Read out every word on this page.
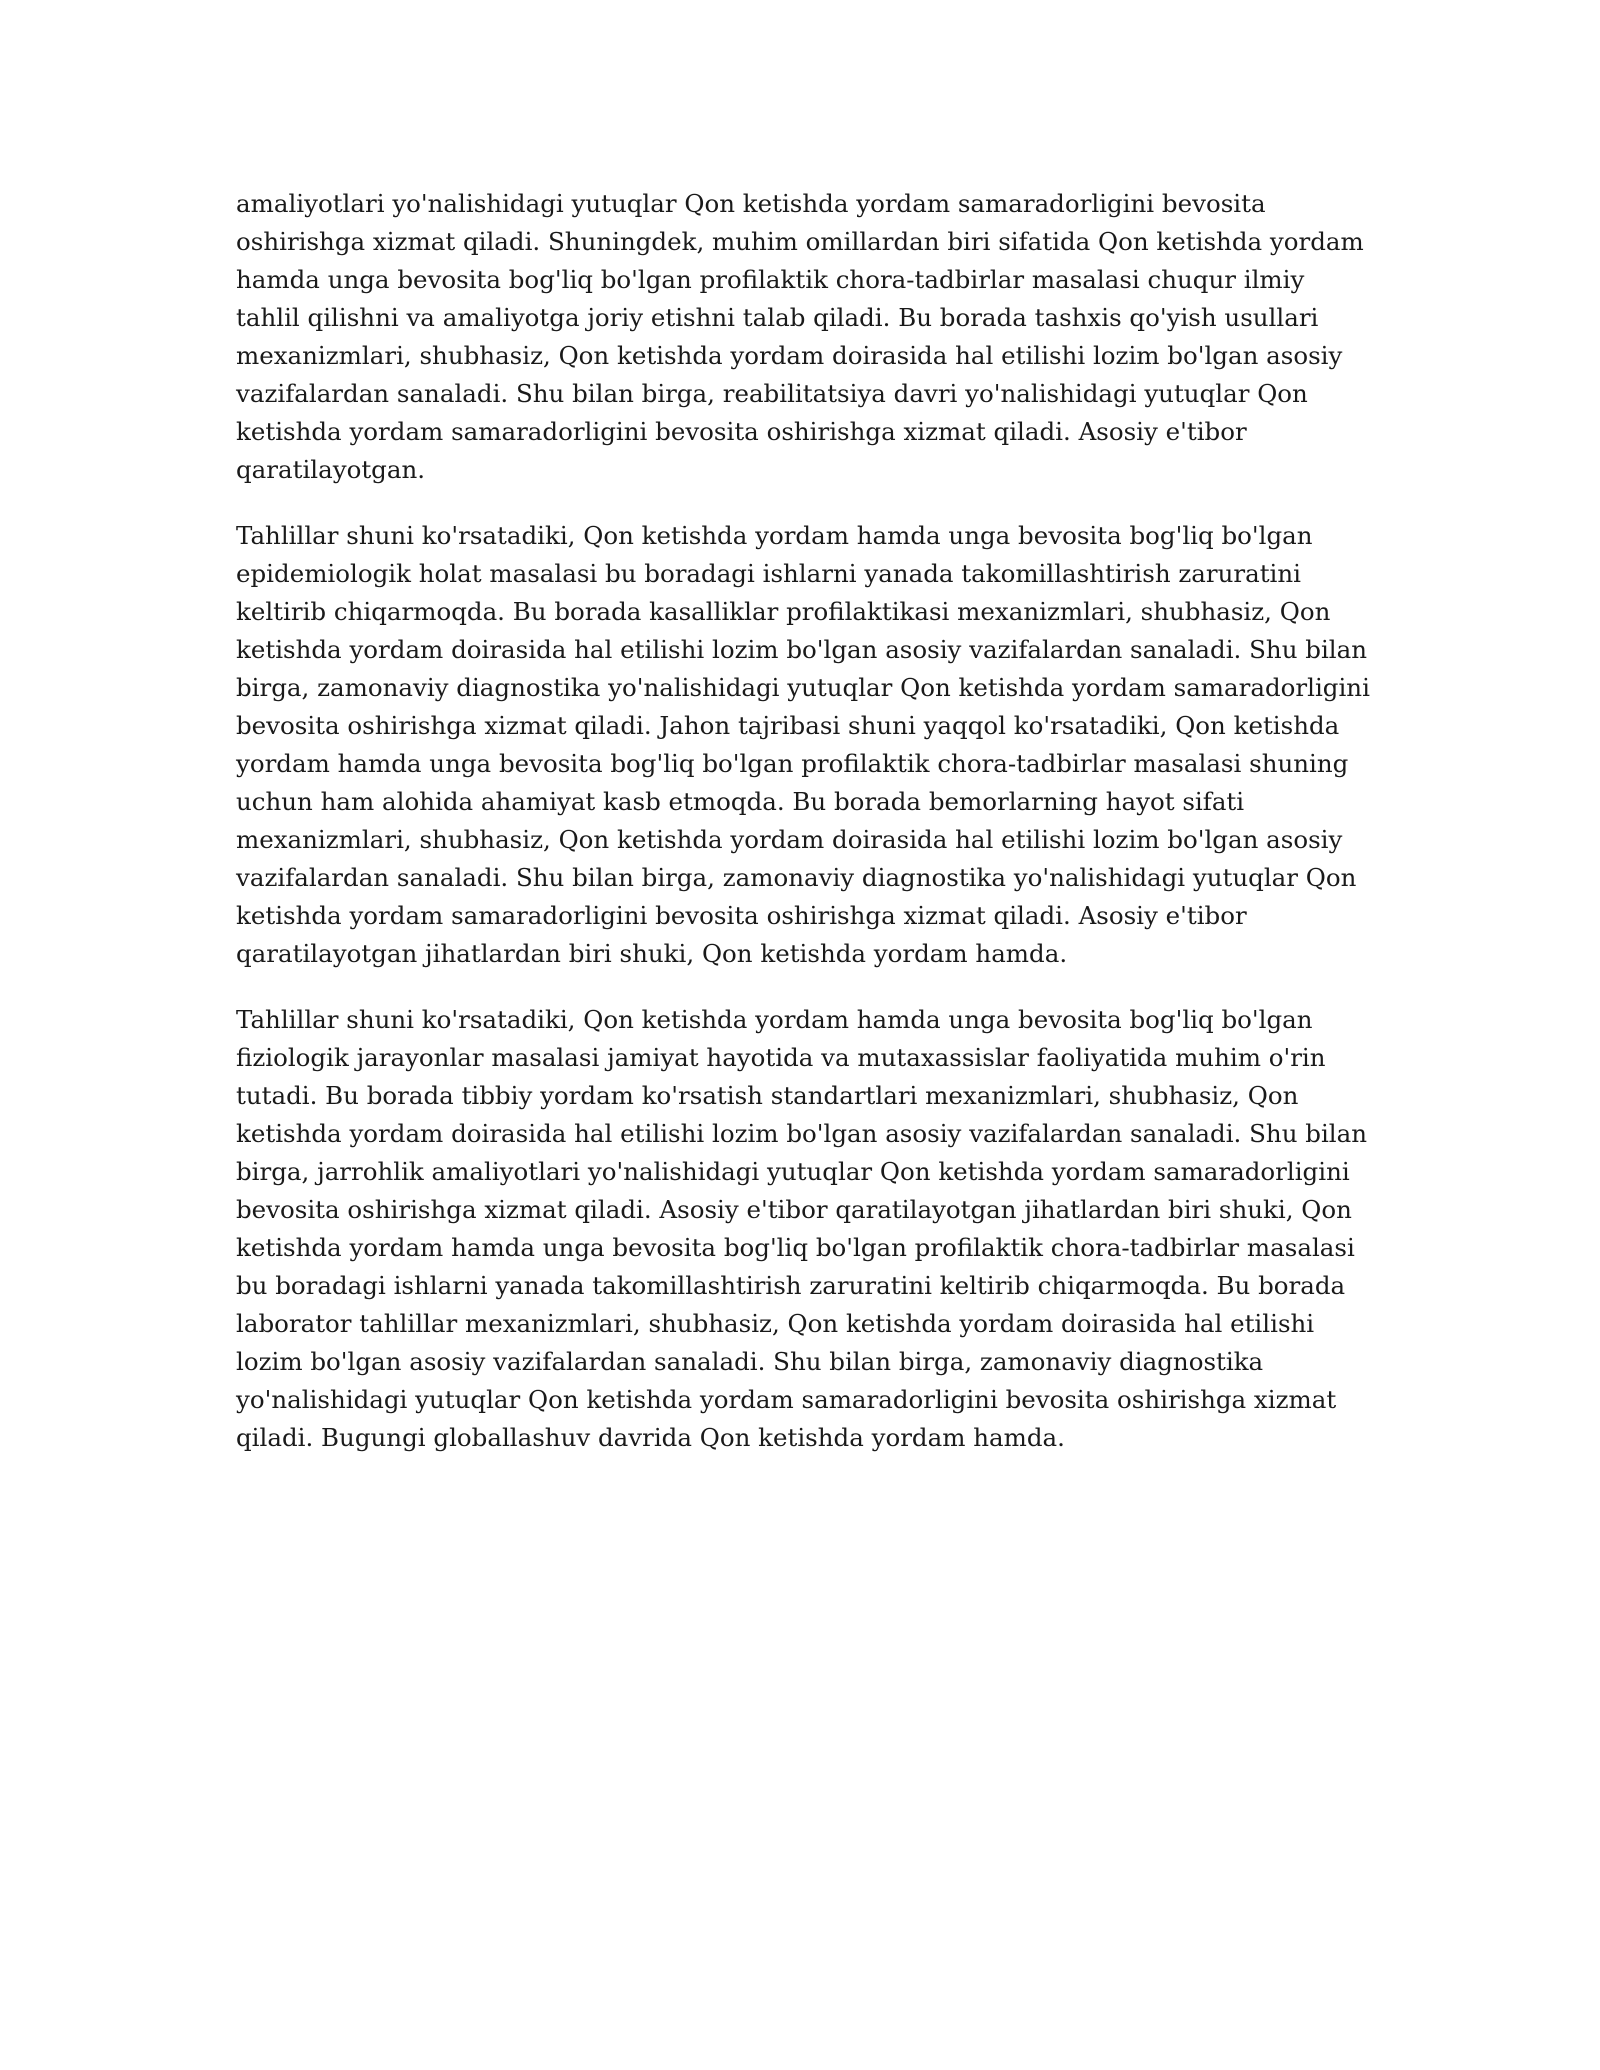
amaliyotlari yo'nalishidagi yutuqlar Qon ketishda yordam samaradorligini bevosita oshirishga xizmat qiladi. Shuningdek, muhim omillardan biri sifatida Qon ketishda yordam hamda unga bevosita bog'liq bo'lgan profilaktik chora-tadbirlar masalasi chuqur ilmiy tahlil qilishni va amaliyotga joriy etishni talab qiladi. Bu borada tashxis qo'yish usullari mexanizmlari, shubhasiz, Qon ketishda yordam doirasida hal etilishi lozim bo'lgan asosiy vazifalardan sanaladi. Shu bilan birga, reabilitatsiya davri yo'nalishidagi yutuqlar Qon ketishda yordam samaradorligini bevosita oshirishga xizmat qiladi. Asosiy e'tibor qaratilayotgan.

Tahlillar shuni ko'rsatadiki, Qon ketishda yordam hamda unga bevosita bog'liq bo'lgan epidemiologik holat masalasi bu boradagi ishlarni yanada takomillashtirish zaruratini keltirib chiqarmoqda. Bu borada kasalliklar profilaktikasi mexanizmlari, shubhasiz, Qon ketishda yordam doirasida hal etilishi lozim bo'lgan asosiy vazifalardan sanaladi. Shu bilan birga, zamonaviy diagnostika yo'nalishidagi yutuqlar Qon ketishda yordam samaradorligini bevosita oshirishga xizmat qiladi. Jahon tajribasi shuni yaqqol ko'rsatadiki, Qon ketishda yordam hamda unga bevosita bog'liq bo'lgan profilaktik chora-tadbirlar masalasi shuning uchun ham alohida ahamiyat kasb etmoqda. Bu borada bemorlarning hayot sifati mexanizmlari, shubhasiz, Qon ketishda yordam doirasida hal etilishi lozim bo'lgan asosiy vazifalardan sanaladi. Shu bilan birga, zamonaviy diagnostika yo'nalishidagi yutuqlar Qon ketishda yordam samaradorligini bevosita oshirishga xizmat qiladi. Asosiy e'tibor qaratilayotgan jihatlardan biri shuki, Qon ketishda yordam hamda.

Tahlillar shuni ko'rsatadiki, Qon ketishda yordam hamda unga bevosita bog'liq bo'lgan fiziologik jarayonlar masalasi jamiyat hayotida va mutaxassislar faoliyatida muhim o'rin tutadi. Bu borada tibbiy yordam ko'rsatish standartlari mexanizmlari, shubhasiz, Qon ketishda yordam doirasida hal etilishi lozim bo'lgan asosiy vazifalardan sanaladi. Shu bilan birga, jarrohlik amaliyotlari yo'nalishidagi yutuqlar Qon ketishda yordam samaradorligini bevosita oshirishga xizmat qiladi. Asosiy e'tibor qaratilayotgan jihatlardan biri shuki, Qon ketishda yordam hamda unga bevosita bog'liq bo'lgan profilaktik chora-tadbirlar masalasi bu boradagi ishlarni yanada takomillashtirish zaruratini keltirib chiqarmoqda. Bu borada laborator tahlillar mexanizmlari, shubhasiz, Qon ketishda yordam doirasida hal etilishi lozim bo'lgan asosiy vazifalardan sanaladi. Shu bilan birga, zamonaviy diagnostika yo'nalishidagi yutuqlar Qon ketishda yordam samaradorligini bevosita oshirishga xizmat qiladi. Bugungi globallashuv davrida Qon ketishda yordam hamda.
